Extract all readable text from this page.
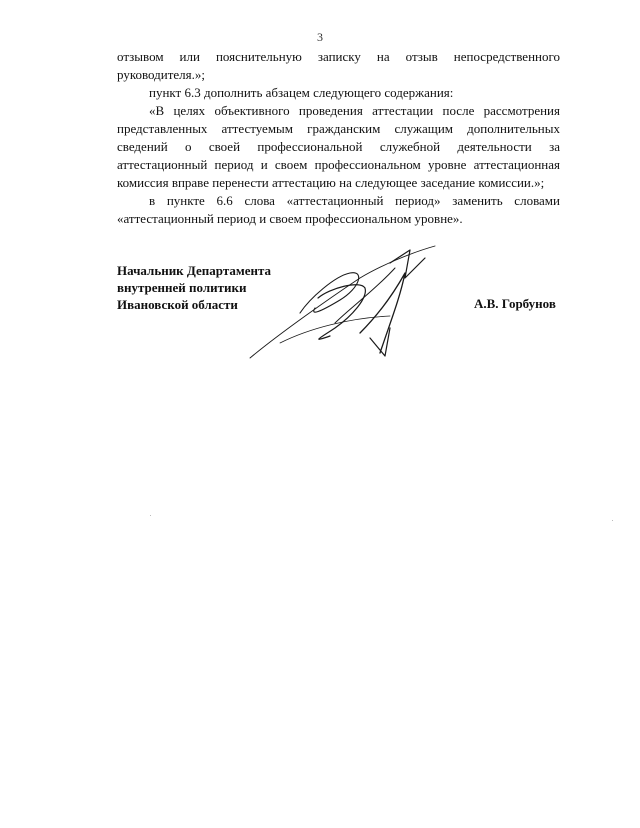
3

отзывом или пояснительную записку на отзыв непосредственного руководителя.»;

пункт 6.3 дополнить абзацем следующего содержания:

«В целях объективного проведения аттестации после рассмотрения представленных аттестуемым гражданским служащим дополнительных сведений о своей профессиональной служебной деятельности за аттестационный период и своем профессиональном уровне аттестационная комиссия вправе перенести аттестацию на следующее заседание комиссии.»;

в пункте 6.6 слова «аттестационный период» заменить словами «аттестационный период и своем профессиональном уровне».

Начальник Департамента
внутренней политики
Ивановской области	А.В. Горбунов
